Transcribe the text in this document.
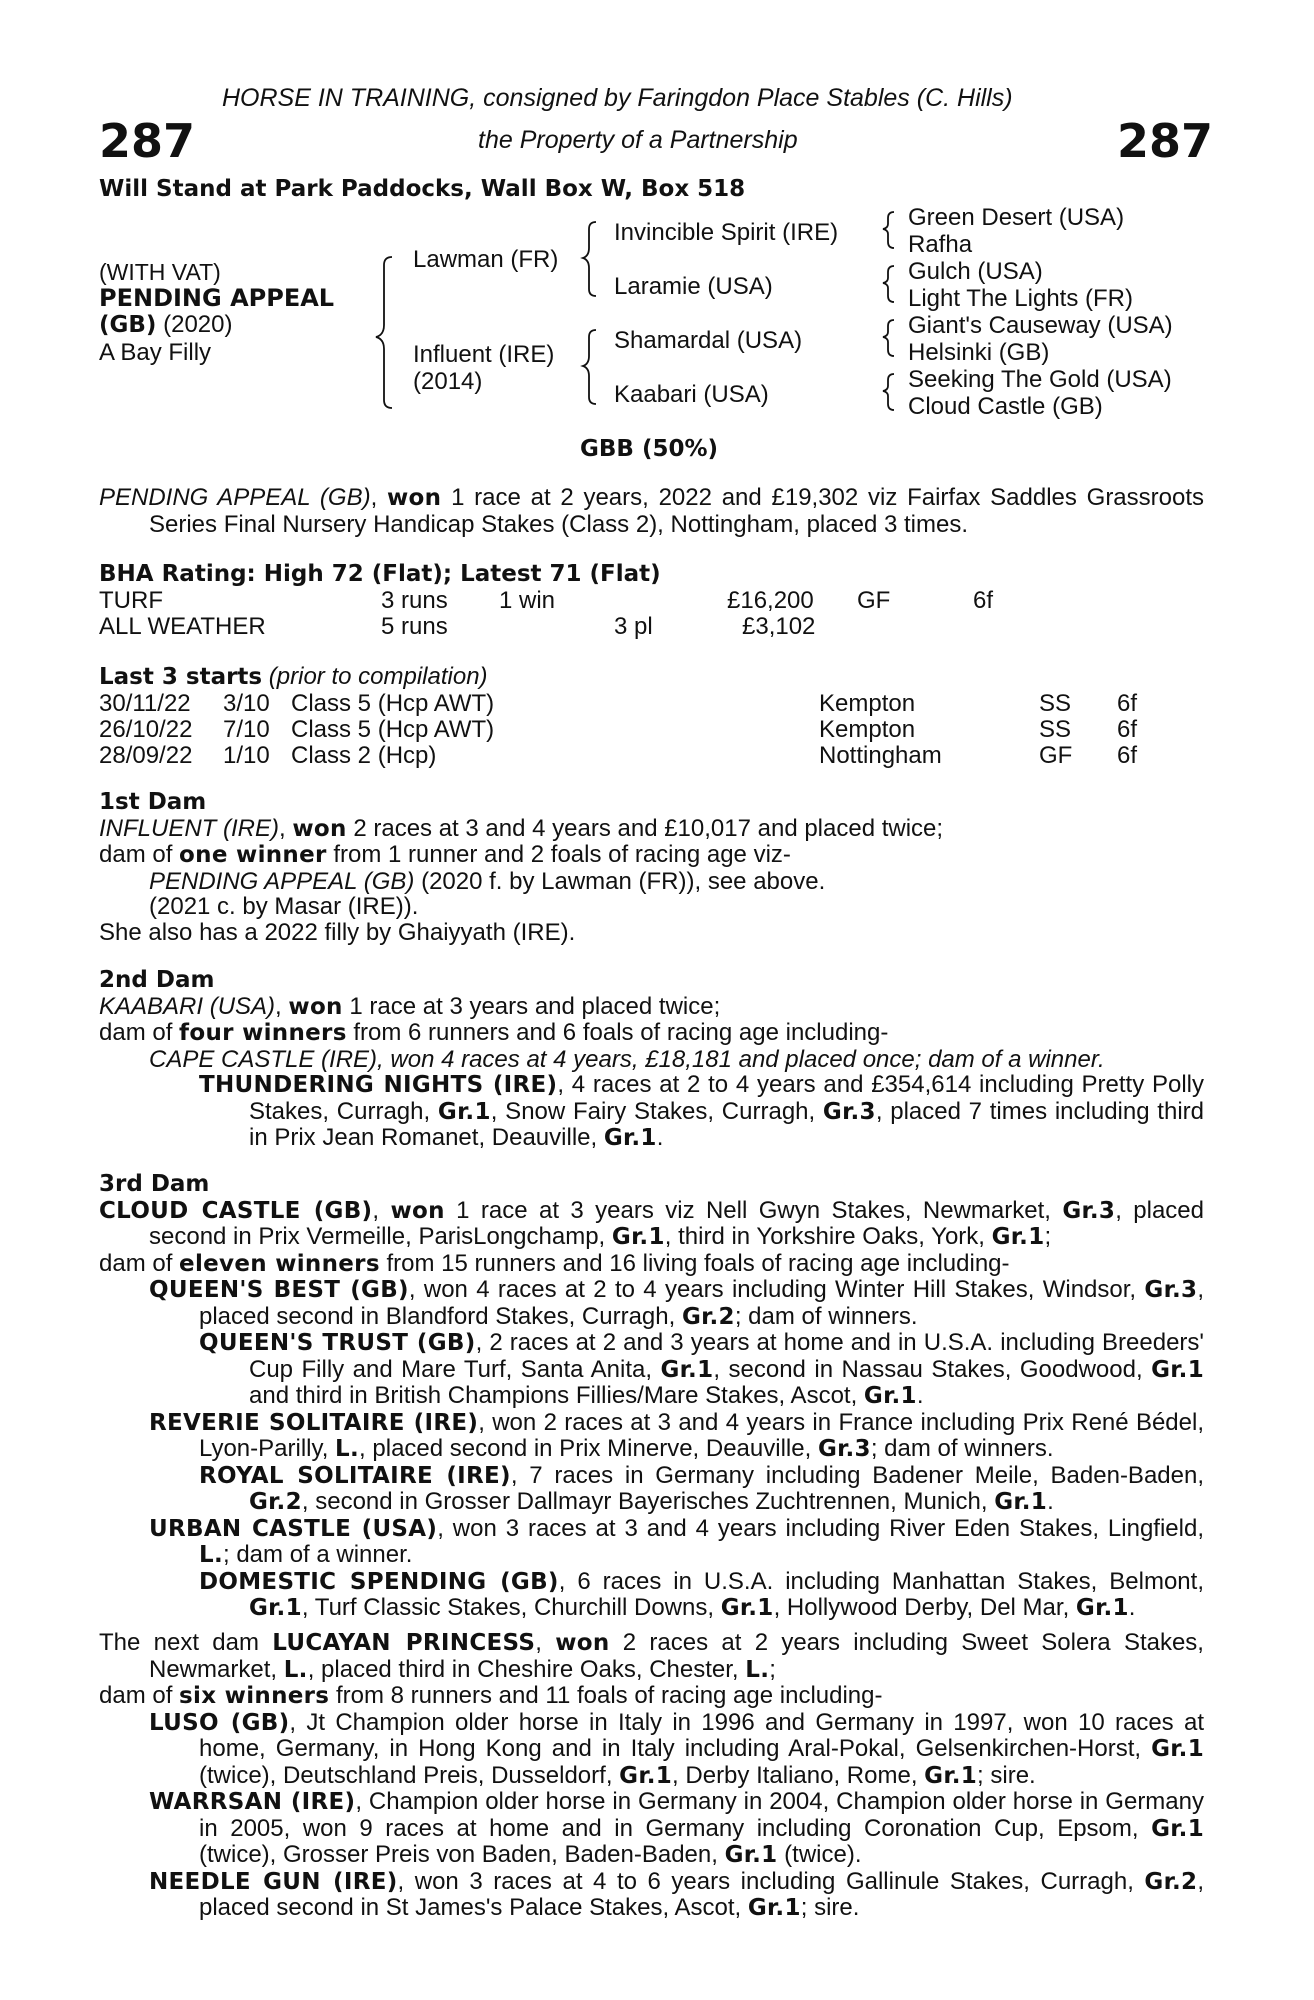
HORSE IN TRAINING, consigned by Faringdon Place Stables (C. Hills)
the Property of a Partnership
287	287
Will Stand at Park Paddocks, Wall Box W, Box 518
(WITH VAT)
PENDING APPEAL
(GB) (2020)
A Bay Filly
Lawman (FR)
Influent (IRE)
(2014)
Invincible Spirit (IRE)
Laramie (USA)
Shamardal (USA)
Kaabari (USA)
Green Desert (USA)
Rafha
Gulch (USA)
Light The Lights (FR)
Giant's Causeway (USA)
Helsinki (GB)
Seeking The Gold (USA)
Cloud Castle (GB)
GBB (50%)

PENDING APPEAL (GB), won 1 race at 2 years, 2022 and £19,302 viz Fairfax Saddles Grassroots Series Final Nursery Handicap Stakes (Class 2), Nottingham, placed 3 times.

BHA Rating: High 72 (Flat); Latest 71 (Flat)
TURF	3 runs 1 win	£16,200 GF	6f
ALL WEATHER	5 runs	3 pl	£3,102
Last 3 starts (prior to compilation)
30/11/22 3/10 Class 5 (Hcp AWT)	Kempton	SS 6f
26/10/22 7/10 Class 5 (Hcp AWT)	Kempton	SS 6f
28/09/22 1/10 Class 2 (Hcp)	Nottingham	GF 6f
1st Dam

INFLUENT (IRE), won 2 races at 3 and 4 years and £10,017 and placed twice;

dam of one winner from 1 runner and 2 foals of racing age viz-

PENDING APPEAL (GB) (2020 f. by Lawman (FR)), see above.

(2021 c. by Masar (IRE)).

She also has a 2022 filly by Ghaiyyath (IRE).

2nd Dam

KAABARI (USA), won 1 race at 3 years and placed twice;

dam of four winners from 6 runners and 6 foals of racing age including-

CAPE CASTLE (IRE), won 4 races at 4 years, £18,181 and placed once; dam of a winner.

THUNDERING NIGHTS (IRE), 4 races at 2 to 4 years and £354,614 including Pretty Polly Stakes, Curragh, Gr.1, Snow Fairy Stakes, Curragh, Gr.3, placed 7 times including third in Prix Jean Romanet, Deauville, Gr.1.

3rd Dam

CLOUD CASTLE (GB), won 1 race at 3 years viz Nell Gwyn Stakes, Newmarket, Gr.3, placed second in Prix Vermeille, ParisLongchamp, Gr.1, third in Yorkshire Oaks, York, Gr.1;

dam of eleven winners from 15 runners and 16 living foals of racing age including-

QUEEN'S BEST (GB), won 4 races at 2 to 4 years including Winter Hill Stakes, Windsor, Gr.3, placed second in Blandford Stakes, Curragh, Gr.2; dam of winners.

QUEEN'S TRUST (GB), 2 races at 2 and 3 years at home and in U.S.A. including Breeders' Cup Filly and Mare Turf, Santa Anita, Gr.1, second in Nassau Stakes, Goodwood, Gr.1 and third in British Champions Fillies/Mare Stakes, Ascot, Gr.1.

REVERIE SOLITAIRE (IRE), won 2 races at 3 and 4 years in France including Prix René Bédel, Lyon-Parilly, L., placed second in Prix Minerve, Deauville, Gr.3; dam of winners.

ROYAL SOLITAIRE (IRE), 7 races in Germany including Badener Meile, Baden-Baden, Gr.2, second in Grosser Dallmayr Bayerisches Zuchtrennen, Munich, Gr.1.

URBAN CASTLE (USA), won 3 races at 3 and 4 years including River Eden Stakes, Lingfield, L.; dam of a winner.

DOMESTIC SPENDING (GB), 6 races in U.S.A. including Manhattan Stakes, Belmont, Gr.1, Turf Classic Stakes, Churchill Downs, Gr.1, Hollywood Derby, Del Mar, Gr.1.

The next dam LUCAYAN PRINCESS, won 2 races at 2 years including Sweet Solera Stakes, Newmarket, L., placed third in Cheshire Oaks, Chester, L.;

dam of six winners from 8 runners and 11 foals of racing age including-

LUSO (GB), Jt Champion older horse in Italy in 1996 and Germany in 1997, won 10 races at home, Germany, in Hong Kong and in Italy including Aral-Pokal, Gelsenkirchen-Horst, Gr.1 (twice), Deutschland Preis, Dusseldorf, Gr.1, Derby Italiano, Rome, Gr.1; sire.

WARRSAN (IRE), Champion older horse in Germany in 2004, Champion older horse in Germany in 2005, won 9 races at home and in Germany including Coronation Cup, Epsom, Gr.1 (twice), Grosser Preis von Baden, Baden-Baden, Gr.1 (twice).

NEEDLE GUN (IRE), won 3 races at 4 to 6 years including Gallinule Stakes, Curragh, Gr.2, placed second in St James's Palace Stakes, Ascot, Gr.1; sire.
